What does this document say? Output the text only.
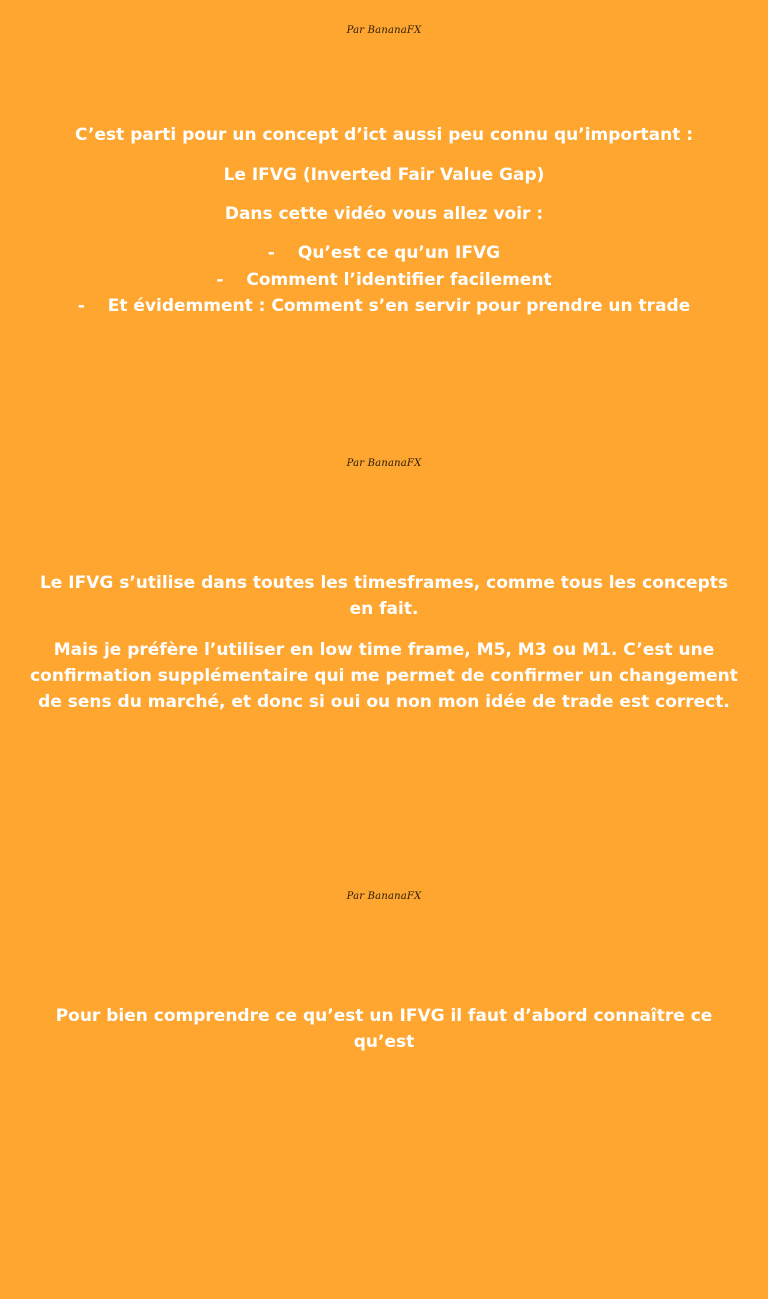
Par BananaFX

C’est parti pour un concept d’ict aussi peu connu qu’important :

Le IFVG (Inverted Fair Value Gap)

Dans cette vidéo vous allez voir :

- Qu’est ce qu’un IFVG
- Comment l’identifier facilement
- Et évidemment : Comment s’en servir pour prendre un trade
Par BananaFX

Le IFVG s’utilise dans toutes les timesframes, comme tous les concepts en fait.

Mais je préfère l’utiliser en low time frame, M5, M3 ou M1. C’est une confirmation supplémentaire qui me permet de confirmer un changement de sens du marché, et donc si oui ou non mon idée de trade est correct.

Par BananaFX

Pour bien comprendre ce qu’est un IFVG il faut d’abord connaître ce qu’est
